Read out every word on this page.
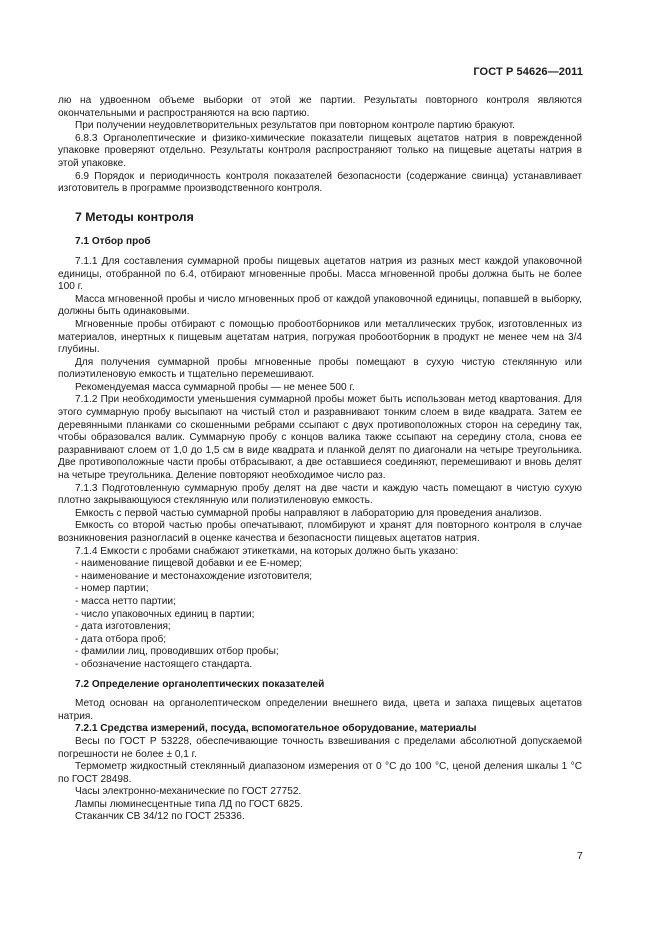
ГОСТ Р 54626—2011

лю на удвоенном объеме выборки от этой же партии. Результаты повторного контроля являются окончательными и распространяются на всю партию.

При получении неудовлетворительных результатов при повторном контроле партию бракуют.

6.8.3 Органолептические и физико-химические показатели пищевых ацетатов натрия в поврежденной упаковке проверяют отдельно. Результаты контроля распространяют только на пищевые ацетаты натрия в этой упаковке.

6.9 Порядок и периодичность контроля показателей безопасности (содержание свинца) устанавливает изготовитель в программе производственного контроля.

7 Методы контроля
7.1 Отбор проб

7.1.1 Для составления суммарной пробы пищевых ацетатов натрия из разных мест каждой упаковочной единицы, отобранной по 6.4, отбирают мгновенные пробы. Масса мгновенной пробы должна быть не более 100 г.

Масса мгновенной пробы и число мгновенных проб от каждой упаковочной единицы, попавшей в выборку, должны быть одинаковыми.

Мгновенные пробы отбирают с помощью пробоотборников или металлических трубок, изготовленных из материалов, инертных к пищевым ацетатам натрия, погружая пробоотборник в продукт не менее чем на 3/4 глубины.

Для получения суммарной пробы мгновенные пробы помещают в сухую чистую стеклянную или полиэтиленовую емкость и тщательно перемешивают.

Рекомендуемая масса суммарной пробы — не менее 500 г.

7.1.2 При необходимости уменьшения суммарной пробы может быть использован метод квартования. Для этого суммарную пробу высыпают на чистый стол и разравнивают тонким слоем в виде квадрата. Затем ее деревянными планками со скошенными ребрами ссыпают с двух противоположных сторон на середину так, чтобы образовался валик. Суммарную пробу с концов валика также ссыпают на середину стола, снова ее разравнивают слоем от 1,0 до 1,5 см в виде квадрата и планкой делят по диагонали на четыре треугольника. Две противоположные части пробы отбрасывают, а две оставшиеся соединяют, перемешивают и вновь делят на четыре треугольника. Деление повторяют необходимое число раз.

7.1.3 Подготовленную суммарную пробу делят на две части и каждую часть помещают в чистую сухую плотно закрывающуюся стеклянную или полиэтиленовую емкость.

Емкость с первой частью суммарной пробы направляют в лабораторию для проведения анализов.

Емкость со второй частью пробы опечатывают, пломбируют и хранят для повторного контроля в случае возникновения разногласий в оценке качества и безопасности пищевых ацетатов натрия.

7.1.4 Емкости с пробами снабжают этикетками, на которых должно быть указано:

- наименование пищевой добавки и ее Е-номер;

- наименование и местонахождение изготовителя;

- номер партии;

- масса нетто партии;

- число упаковочных единиц в партии;

- дата изготовления;

- дата отбора проб;

- фамилии лиц, проводивших отбор пробы;

- обозначение настоящего стандарта.

7.2 Определение органолептических показателей

Метод основан на органолептическом определении внешнего вида, цвета и запаха пищевых ацетатов натрия.

7.2.1 Средства измерений, посуда, вспомогательное оборудование, материалы

Весы по ГОСТ Р 53228, обеспечивающие точность взвешивания с пределами абсолютной допускаемой погрешности не более ± 0,1 г.

Термометр жидкостный стеклянный диапазоном измерения от 0 °С до 100 °С, ценой деления шкалы 1 °С по ГОСТ 28498.

Часы электронно-механические по ГОСТ 27752.

Лампы люминесцентные типа ЛД по ГОСТ 6825.

Стаканчик СВ 34/12 по ГОСТ 25336.

7
